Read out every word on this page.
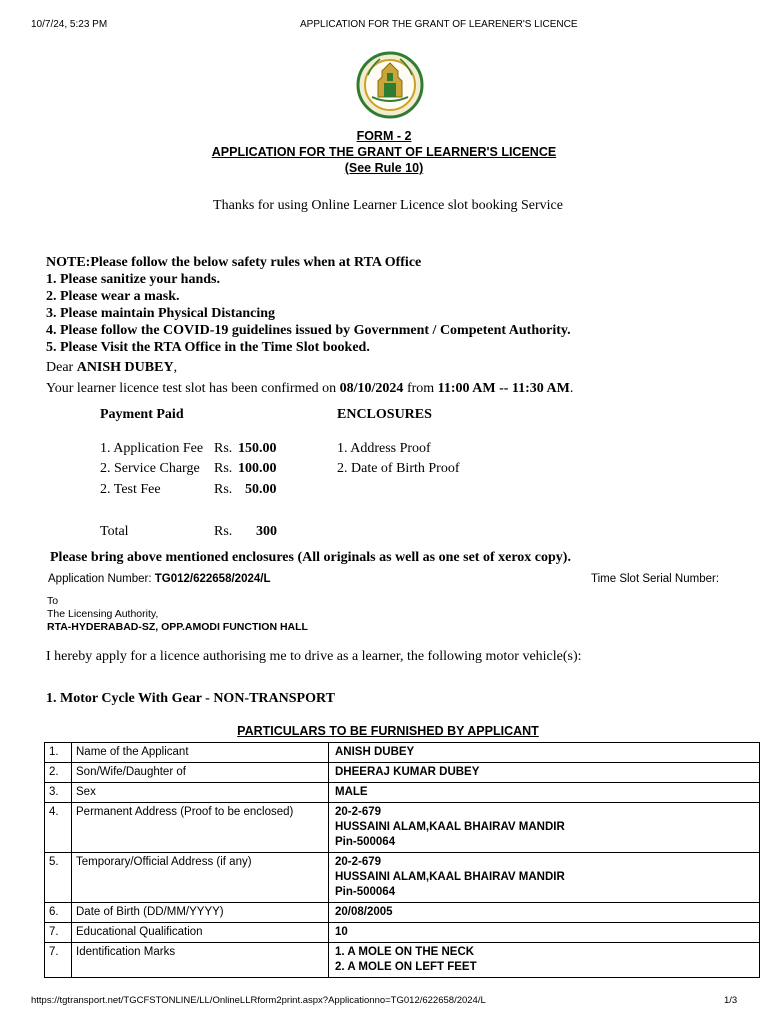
10/7/24, 5:23 PM	APPLICATION FOR THE GRANT OF LEARENER'S LICENCE
FORM - 2
APPLICATION FOR THE GRANT OF LEARNER'S LICENCE
(See Rule 10)
Thanks for using Online Learner Licence slot booking Service
NOTE:Please follow the below safety rules when at RTA Office
1. Please sanitize your hands.
2. Please wear a mask.
3. Please maintain Physical Distancing
4. Please follow the COVID-19 guidelines issued by Government / Competent Authority.
5. Please Visit the RTA Office in the Time Slot booked.
Dear ANISH DUBEY,
Your learner licence test slot has been confirmed on 08/10/2024 from 11:00 AM -- 11:30 AM.
Payment Paid	ENCLOSURES
1. Application Fee Rs. 150.00
2. Service Charge Rs. 100.00
2. Test Fee	Rs. 50.00
1. Address Proof
2. Date of Birth Proof
Total	Rs. 300
Please bring above mentioned enclosures (All originals as well as one set of xerox copy).
Application Number: TG012/622658/2024/L	Time Slot Serial Number:
To
The Licensing Authority,
RTA-HYDERABAD-SZ, OPP.AMODI FUNCTION HALL
I hereby apply for a licence authorising me to drive as a learner, the following motor vehicle(s):
1. Motor Cycle With Gear - NON-TRANSPORT
PARTICULARS TO BE FURNISHED BY APPLICANT
1.	Name of the Applicant	ANISH DUBEY
2.	Son/Wife/Daughter of	DHEERAJ KUMAR DUBEY
3.	Sex	MALE
4.	Permanent Address (Proof to be enclosed)	20-2-679
HUSSAINI ALAM,KAAL BHAIRAV MANDIR
Pin-500064

5.	Temporary/Official Address (if any)	20-2-679
HUSSAINI ALAM,KAAL BHAIRAV MANDIR
Pin-500064

6.	Date of Birth (DD/MM/YYYY)	20/08/2005
7.	Educational Qualification	10
7.	Identification Marks	1. A MOLE ON THE NECK
2. A MOLE ON LEFT FEET
https://tgtransport.net/TGCFSTONLINE/LL/OnlineLLRform2print.aspx?Applicationno=TG012/622658/2024/L	1/3
